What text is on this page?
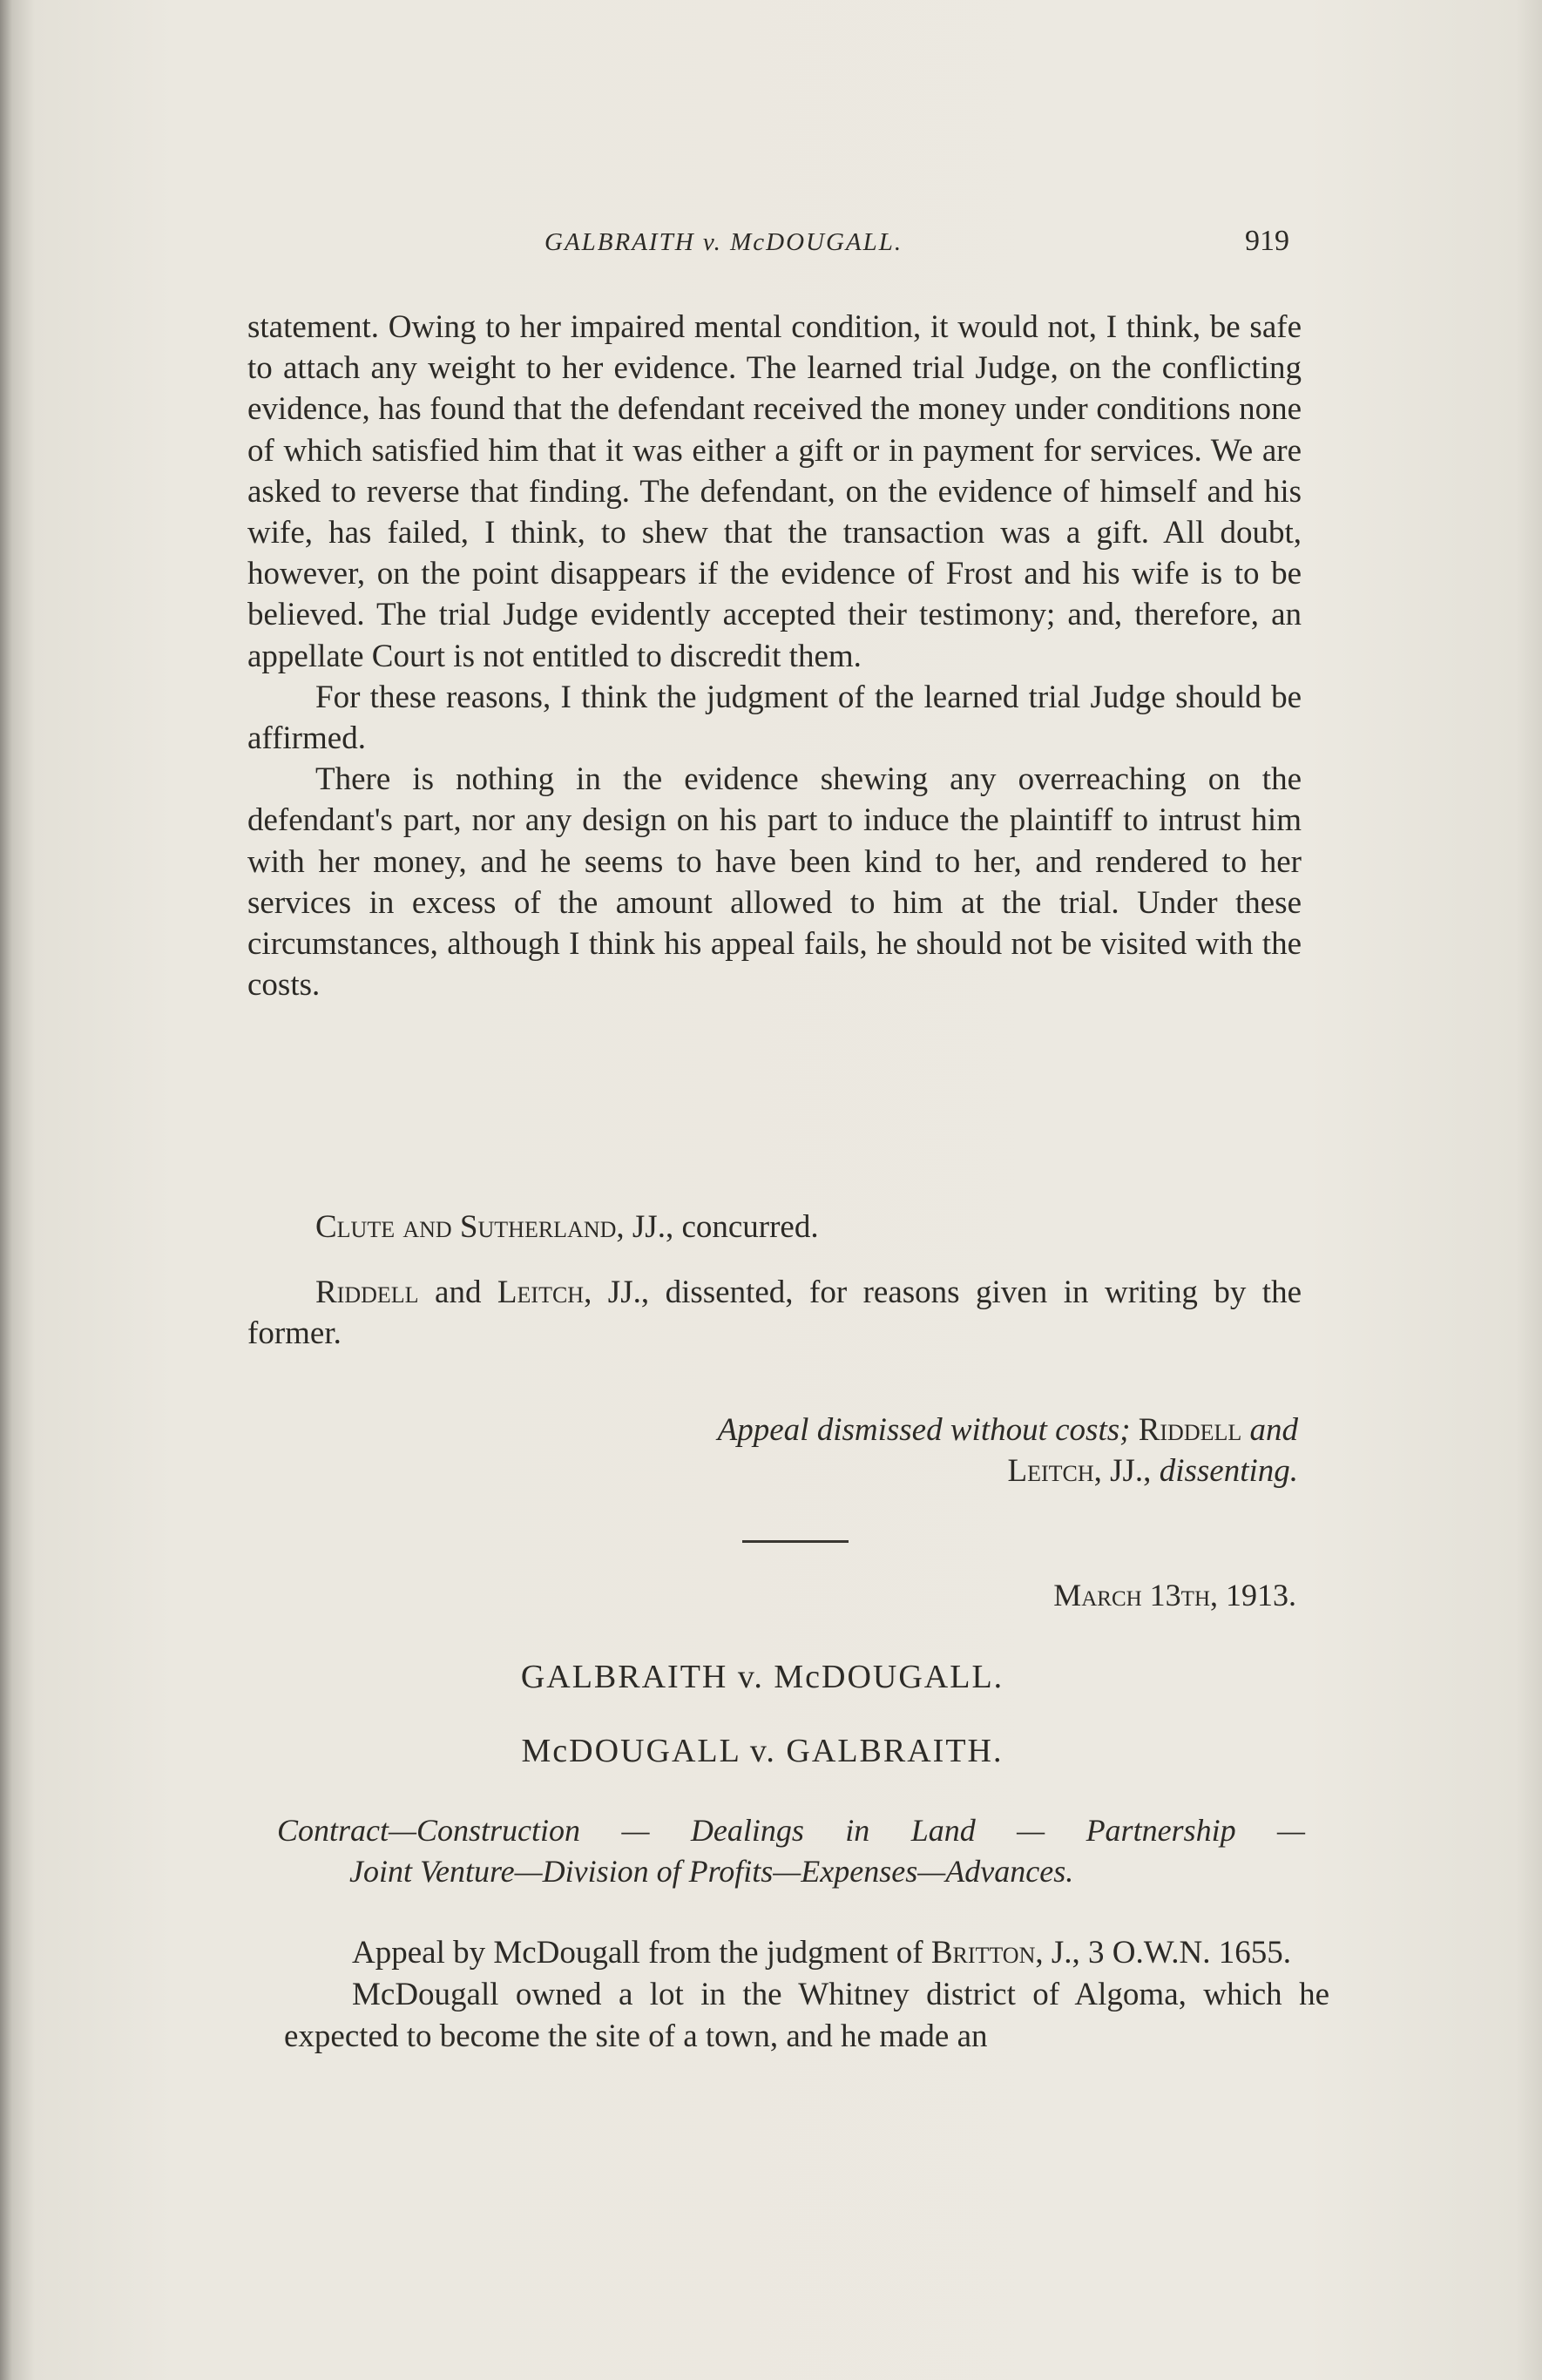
GALBRAITH v. McDOUGALL.	919

statement. Owing to her impaired mental condition, it would not, I think, be safe to attach any weight to her evidence. The learned trial Judge, on the conflicting evidence, has found that the defendant received the money under conditions none of which satisfied him that it was either a gift or in payment for services. We are asked to reverse that finding. The defendant, on the evidence of himself and his wife, has failed, I think, to shew that the transaction was a gift. All doubt, however, on the point disappears if the evidence of Frost and his wife is to be believed. The trial Judge evidently accepted their testimony; and, therefore, an appellate Court is not entitled to discredit them.

For these reasons, I think the judgment of the learned trial Judge should be affirmed.

There is nothing in the evidence shewing any overreaching on the defendant's part, nor any design on his part to induce the plaintiff to intrust him with her money, and he seems to have been kind to her, and rendered to her services in excess of the amount allowed to him at the trial. Under these circumstances, although I think his appeal fails, he should not be visited with the costs.

Clute and Sutherland, JJ., concurred.

Riddell and Leitch, JJ., dissented, for reasons given in writing by the former.

Appeal dismissed without costs; Riddell and
Leitch, JJ., dissenting.
March 13th, 1913.
GALBRAITH v. McDOUGALL.
McDOUGALL v. GALBRAITH.
Contract—Construction — Dealings in Land — Partnership —
Joint Venture—Division of Profits—Expenses—Advances.

Appeal by McDougall from the judgment of Britton, J., 3 O.W.N. 1655.

McDougall owned a lot in the Whitney district of Algoma, which he expected to become the site of a town, and he made an
